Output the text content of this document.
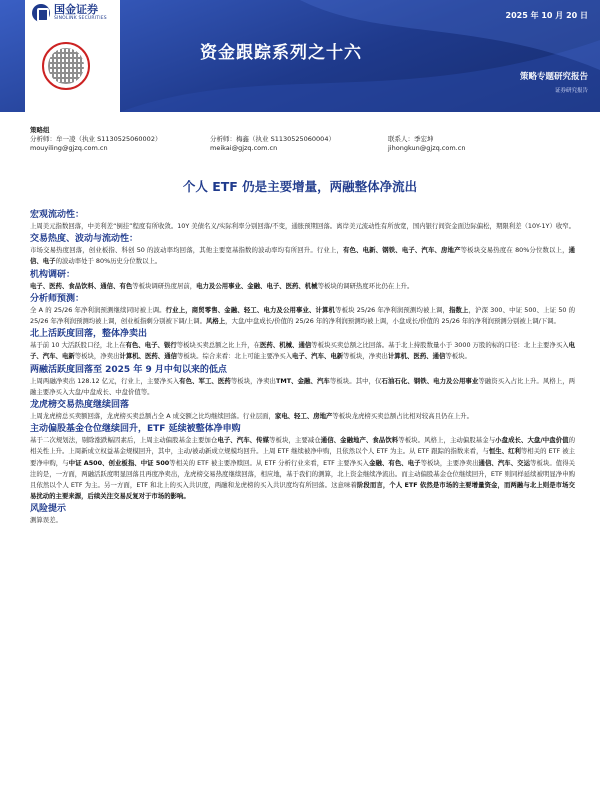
国金证券
SINOLINK SECURITIES	2025 年 10 月 20 日
资金跟踪系列之十六
策略专题研究报告
证券研究报告
策略组
分析师：牟一凌（执业 S1130525060002）	分析师：梅鑫（执业 S1130525060004）	联系人：季宏坤
mouyiling@gjzq.com.cn	meikai@gjzq.com.cn	jihongkun@gjzq.com.cn
个人 ETF 仍是主要增量，两融整体净流出
宏观流动性：
上周美元指数回落，中美利差“倒挂”程度有所收敛。10Y 美债名义/实际利率分别回落/不变，通胀预期回落。离岸美元流动性有所放宽，国内银行间资金面边际偏松，期限利差（10Y-1Y）收窄。
交易热度、波动与流动性：
市场交易热度回落，创业板指、科创 50 的波动率均回落，其他主要宽基指数的波动率均有所回升。行业上，有色、电新、钢铁、电子、汽车、房地产等板块交易热度在 80%分位数以上，通信、电子的波动率处于 80%历史分位数以上。
机构调研：
电子、医药、食品饮料、通信、有色等板块调研热度居前，电力及公用事业、金融、电子、医药、机械等板块的调研热度环比仍在上升。
分析师预测：
全 A 的 25/26 年净利润预测继续同时被上调。行业上，商贸零售、金融、轻工、电力及公用事业、计算机等板块 25/26 年净利润预测均被上调，指数上，沪深 300、中证 500、上证 50 的 25/26 年净利润预测均被上调，创业板指剩分别被下调/上调。风格上，大盘/中盘成长/价值的 25/26 年的净利润预测均被上调，小盘成长/价值的 25/26 年的净利润预测分别被上调/下调。
北上活跃度回落，整体净卖出
基于前 10 大活跃股口径，北上在有色、电子、银行等板块买卖总额之比上升，在医药、机械、通信等板块买卖总额之比回落。基于北上持股数量小于 3000 万股的标的口径：北上主要净买入电子、汽车、电新等板块，净卖出计算机、医药、通信等板块。综合来看：北上可能主要净买入电子、汽车、电新等板块，净卖出计算机、医药、通信等板块。
两融活跃度回落至 2025 年 9 月中旬以来的低点
上周两融净卖出 128.12 亿元，行业上，主要净买入有色、军工、医药等板块，净卖出TMT、金融、汽车等板块。其中，仅石油石化、钢铁、电力及公用事业等融资买入占比上升。风格上，两融主要净买入大盘/中盘成长、中盘价值等。
龙虎榜交易热度继续回落
上周龙虎榜总买卖额回落，龙虎榜买卖总额占全 A 成交额之比均继续回落。行业层面，家电、轻工、房地产等板块龙虎榜买卖总额占比相对较高且仍在上升。
主动偏股基金仓位继续回升，ETF 延续被整体净申购
基于二次规划法，剔除涨跌幅因素后，上周主动偏股基金主要加仓电子、汽车、传媒等板块，主要减仓通信、金融地产、食品饮料等板块。风格上，主动偏股基金与小盘成长、大盘/中盘价值的相关性上升。上周新成立权益基金规模回升，其中，主动/被动新成立规模均回升。上周 ETF 继续被净申购，且依然以个人 ETF 为主。从 ETF 跟踪的指数来看，与恒生、红利等相关的 ETF 被主要净申购，与中证 A500、创业板指、中证 500等相关的 ETF 被主要净赎回。从 ETF 分析行业来看，ETF 主要净买入金融、有色、电子等板块，主要净卖出通信、汽车、交运等板块。值得关注的是，一方面，两融活跃度明显回落且再度净卖出，龙虎榜交易热度继续回落，相应地，基于我们的测算，北上资金继续净流出。而主动偏股基金仓位继续回升，ETF 则同样延续被明显净申购且依然以个人 ETF 为主。另一方面，ETF 和北上的买入共识度，两融和龙虎榜的买入共识度均有所回落。这意味着阶段而言，个人 ETF 依然是市场的主要增量资金，而两融与北上则是市场交易扰动的主要来源，后续关注交易反复对于市场的影响。
风险提示
测算误差。
